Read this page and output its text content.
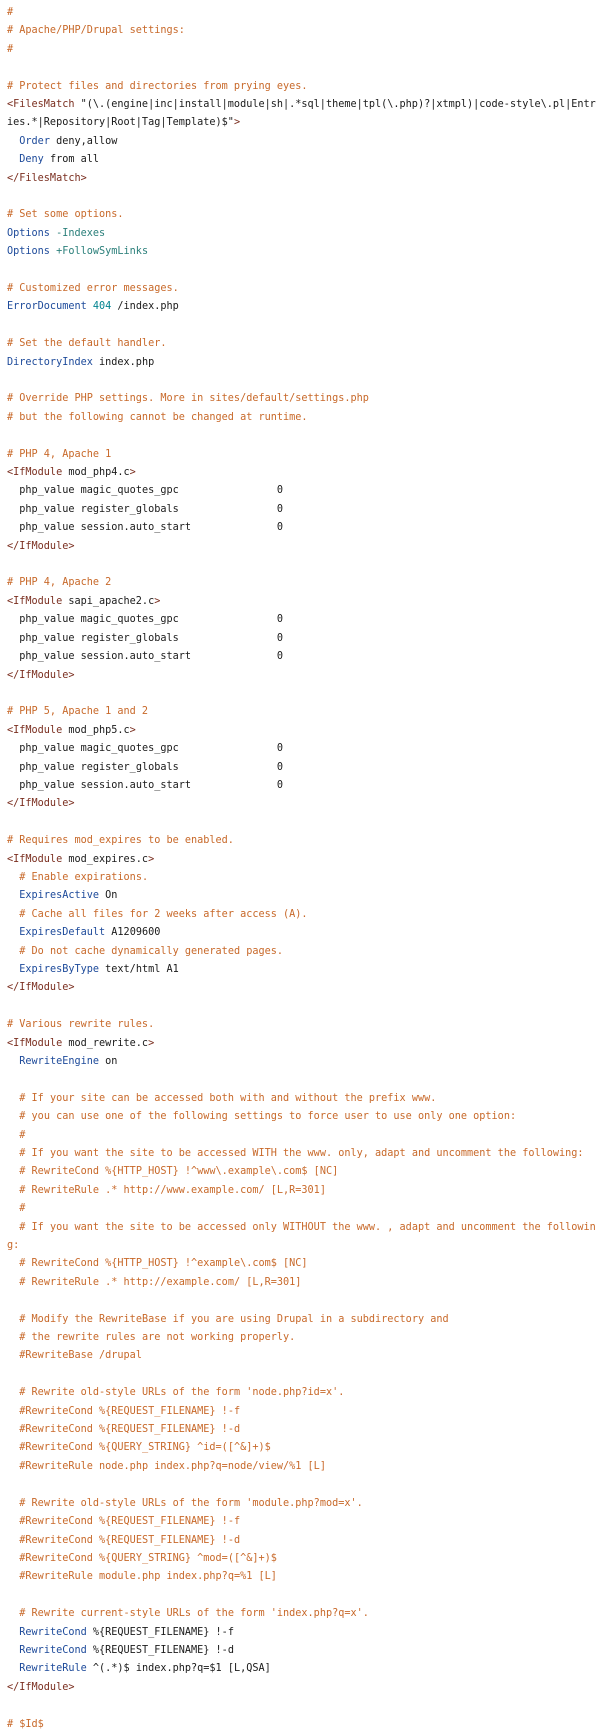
#
# Apache/PHP/Drupal settings:
#
# Protect files and directories from prying eyes.
<FilesMatch "(\.(engine|inc|install|module|sh|.*sql|theme|tpl(\.php)?|xtmpl)|code-style\.pl|Entries.*|Repository|Root|Tag|Template)$">
Order deny,allow
Deny from all
</FilesMatch>
# Set some options.
Options -Indexes
Options +FollowSymLinks
# Customized error messages.
ErrorDocument 404 /index.php
# Set the default handler.
DirectoryIndex index.php
# Override PHP settings. More in sites/default/settings.php
# but the following cannot be changed at runtime.
# PHP 4, Apache 1
<IfModule mod_php4.c>
php_value magic_quotes_gpc                0
php_value register_globals                0
php_value session.auto_start              0
</IfModule>
# PHP 4, Apache 2
<IfModule sapi_apache2.c>
php_value magic_quotes_gpc                0
php_value register_globals                0
php_value session.auto_start              0
</IfModule>
# PHP 5, Apache 1 and 2
<IfModule mod_php5.c>
php_value magic_quotes_gpc                0
php_value register_globals                0
php_value session.auto_start              0
</IfModule>
# Requires mod_expires to be enabled.
<IfModule mod_expires.c>
# Enable expirations.
ExpiresActive On
# Cache all files for 2 weeks after access (A).
ExpiresDefault A1209600
# Do not cache dynamically generated pages.
ExpiresByType text/html A1
</IfModule>
# Various rewrite rules.
<IfModule mod_rewrite.c>
RewriteEngine on
# If your site can be accessed both with and without the prefix www.
# you can use one of the following settings to force user to use only one option:
#
# If you want the site to be accessed WITH the www. only, adapt and uncomment the following:
# RewriteCond %{HTTP_HOST} !^www\.example\.com$ [NC]
# RewriteRule .* http://www.example.com/ [L,R=301]
#
# If you want the site to be accessed only WITHOUT the www. , adapt and uncomment the following:
# RewriteCond %{HTTP_HOST} !^example\.com$ [NC]
# RewriteRule .* http://example.com/ [L,R=301]
# Modify the RewriteBase if you are using Drupal in a subdirectory and
# the rewrite rules are not working properly.
#RewriteBase /drupal
# Rewrite old-style URLs of the form 'node.php?id=x'.
#RewriteCond %{REQUEST_FILENAME} !-f
#RewriteCond %{REQUEST_FILENAME} !-d
#RewriteCond %{QUERY_STRING} ^id=([^&]+)$
#RewriteRule node.php index.php?q=node/view/%1 [L]
# Rewrite old-style URLs of the form 'module.php?mod=x'.
#RewriteCond %{REQUEST_FILENAME} !-f
#RewriteCond %{REQUEST_FILENAME} !-d
#RewriteCond %{QUERY_STRING} ^mod=([^&]+)$
#RewriteRule module.php index.php?q=%1 [L]
# Rewrite current-style URLs of the form 'index.php?q=x'.
RewriteCond %{REQUEST_FILENAME} !-f
RewriteCond %{REQUEST_FILENAME} !-d
RewriteRule ^(.*)$ index.php?q=$1 [L,QSA]
</IfModule>
# $Id$
